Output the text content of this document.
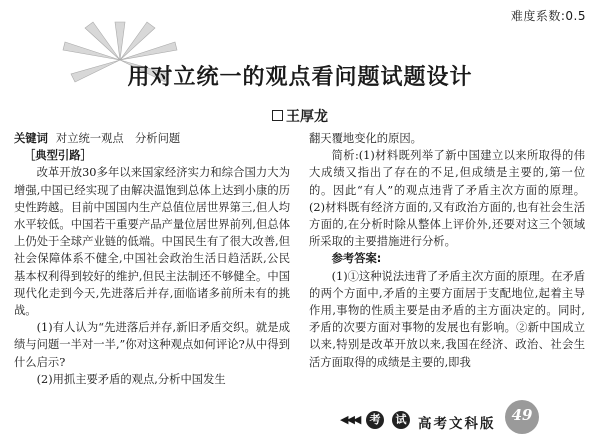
难度系数:0.5
用对立统一的观点看问题试题设计
王厚龙

关键词 对立统一观点　分析问题

［典型引路］

改革开放30多年以来国家经济实力和综合国力大为增强,中国已经实现了由解决温饱到总体上达到小康的历史性跨越。目前中国国内生产总值位居世界第三,但人均水平较低。中国若干重要产品产量位居世界前列,但总体上仍处于全球产业链的低端。中国民生有了很大改善,但社会保障体系不健全,中国社会政治生活日趋活跃,公民基本权利得到较好的维护,但民主法制还不够健全。中国现代化走到今天,先进落后并存,面临诸多前所未有的挑战。

(1)有人认为“先进落后并存,新旧矛盾交织。就是成绩与问题一半对一半,”你对这种观点如何评论?从中得到什么启示?

(2)用抓主要矛盾的观点,分析中国发生

翻天覆地变化的原因。

简析:(1)材料既列举了新中国建立以来所取得的伟大成绩又指出了存在的不足,但成绩是主要的,第一位的。因此“有人”的观点违背了矛盾主次方面的原理。(2)材料既有经济方面的,又有政治方面的,也有社会生活方面的,在分析时除从整体上评价外,还要对这三个领域所采取的主要措施进行分析。

参考答案:

(1)①这种说法违背了矛盾主次方面的原理。在矛盾的两个方面中,矛盾的主要方面居于支配地位,起着主导作用,事物的性质主要是由矛盾的主方面决定的。同时,矛盾的次要方面对事物的发展也有影响。②新中国成立以来,特别是改革开放以来,我国在经济、政治、社会生活方面取得的成绩是主要的,即我

◀◀◀ 考	试 高考文科版	49
